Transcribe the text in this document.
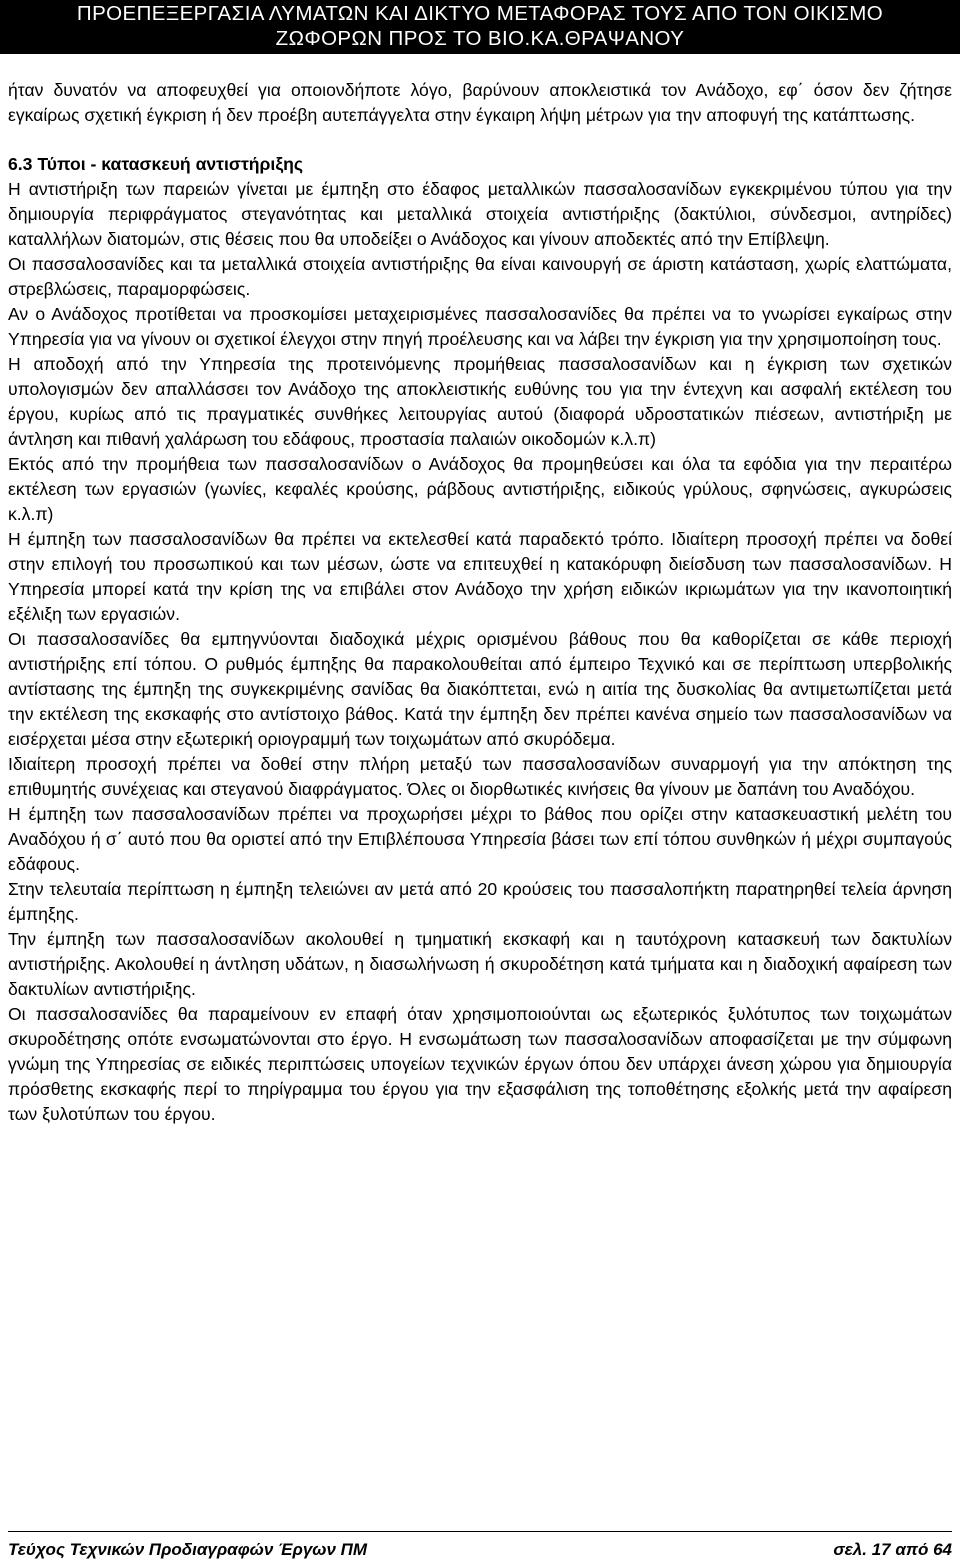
ΠΡΟΕΠΕΞΕΡΓΑΣΙΑ ΛΥΜΑΤΩΝ ΚΑΙ ΔΙΚΤΥΟ ΜΕΤΑΦΟΡΑΣ ΤΟΥΣ ΑΠΟ ΤΟΝ ΟΙΚΙΣΜΟ
ΖΩΦΟΡΩΝ ΠΡΟΣ ΤΟ ΒΙΟ.ΚΑ.ΘΡΑΨΑΝΟΥ

ήταν δυνατόν να αποφευχθεί για οποιονδήποτε λόγο, βαρύνουν αποκλειστικά τον Ανάδοχο, εφ΄ όσον δεν ζήτησε εγκαίρως σχετική έγκριση ή δεν προέβη αυτεπάγγελτα στην έγκαιρη λήψη μέτρων για την αποφυγή της κατάπτωσης.

6.3 Τύποι - κατασκευή αντιστήριξης

Η αντιστήριξη των παρειών γίνεται με έμπηξη στο έδαφος μεταλλικών πασσαλοσανίδων εγκεκριμένου τύπου για την δημιουργία περιφράγματος στεγανότητας και μεταλλικά στοιχεία αντιστήριξης (δακτύλιοι, σύνδεσμοι, αντηρίδες) καταλλήλων διατομών, στις θέσεις που θα υποδείξει ο Ανάδοχος και γίνουν αποδεκτές από την Επίβλεψη.

Οι πασσαλοσανίδες και τα μεταλλικά στοιχεία αντιστήριξης θα είναι καινουργή σε άριστη κατάσταση, χωρίς ελαττώματα, στρεβλώσεις, παραμορφώσεις.

Αν ο Ανάδοχος προτίθεται να προσκομίσει μεταχειρισμένες πασσαλοσανίδες θα πρέπει να το γνωρίσει εγκαίρως στην Υπηρεσία για να γίνουν οι σχετικοί έλεγχοι στην πηγή προέλευσης και να λάβει την έγκριση για την χρησιμοποίηση τους.

Η αποδοχή από την Υπηρεσία της προτεινόμενης προμήθειας πασσαλοσανίδων και η έγκριση των σχετικών υπολογισμών δεν απαλλάσσει τον Ανάδοχο της αποκλειστικής ευθύνης του για την έντεχνη και ασφαλή εκτέλεση του έργου, κυρίως από τις πραγματικές συνθήκες λειτουργίας αυτού (διαφορά υδροστατικών πιέσεων, αντιστήριξη με άντληση και πιθανή χαλάρωση του εδάφους, προστασία παλαιών οικοδομών κ.λ.π)

Εκτός από την προμήθεια των πασσαλοσανίδων ο Ανάδοχος θα προμηθεύσει και όλα τα εφόδια για την περαιτέρω εκτέλεση των εργασιών (γωνίες, κεφαλές κρούσης, ράβδους αντιστήριξης, ειδικούς γρύλους, σφηνώσεις, αγκυρώσεις κ.λ.π)

Η έμπηξη των πασσαλοσανίδων θα πρέπει να εκτελεσθεί κατά παραδεκτό τρόπο. Ιδιαίτερη προσοχή πρέπει να δοθεί στην επιλογή του προσωπικού και των μέσων, ώστε να επιτευχθεί η κατακόρυφη διείσδυση των πασσαλοσανίδων. Η Υπηρεσία μπορεί κατά την κρίση της να επιβάλει στον Ανάδοχο την χρήση ειδικών ικριωμάτων για την ικανοποιητική εξέλιξη των εργασιών.

Οι πασσαλοσανίδες θα εμπηγνύονται διαδοχικά μέχρις ορισμένου βάθους που θα καθορίζεται σε κάθε περιοχή αντιστήριξης επί τόπου. Ο ρυθμός έμπηξης θα παρακολουθείται από έμπειρο Τεχνικό και σε περίπτωση υπερβολικής αντίστασης της έμπηξη της συγκεκριμένης σανίδας θα διακόπτεται, ενώ η αιτία της δυσκολίας θα αντιμετωπίζεται μετά την εκτέλεση της εκσκαφής στο αντίστοιχο βάθος. Κατά την έμπηξη δεν πρέπει κανένα σημείο των πασσαλοσανίδων να εισέρχεται μέσα στην εξωτερική οριογραμμή των τοιχωμάτων από σκυρόδεμα.

Ιδιαίτερη προσοχή πρέπει να δοθεί στην πλήρη μεταξύ των πασσαλοσανίδων συναρμογή για την απόκτηση της επιθυμητής συνέχειας και στεγανού διαφράγματος. Όλες οι διορθωτικές κινήσεις θα γίνουν με δαπάνη του Αναδόχου.

Η έμπηξη των πασσαλοσανίδων πρέπει να προχωρήσει μέχρι το βάθος που ορίζει στην κατασκευαστική μελέτη του Αναδόχου ή σ΄ αυτό που θα οριστεί από την Επιβλέπουσα Υπηρεσία βάσει των επί τόπου συνθηκών ή μέχρι συμπαγούς εδάφους.

Στην τελευταία περίπτωση η έμπηξη τελειώνει αν μετά από 20 κρούσεις του πασσαλοπήκτη παρατηρηθεί τελεία άρνηση έμπηξης.

Την έμπηξη των πασσαλοσανίδων ακολουθεί η τμηματική εκσκαφή και η ταυτόχρονη κατασκευή των δακτυλίων αντιστήριξης. Ακολουθεί η άντληση υδάτων, η διασωλήνωση ή σκυροδέτηση κατά τμήματα και η διαδοχική αφαίρεση των δακτυλίων αντιστήριξης.

Οι πασσαλοσανίδες θα παραμείνουν εν επαφή όταν χρησιμοποιούνται ως εξωτερικός ξυλότυπος των τοιχωμάτων σκυροδέτησης οπότε ενσωματώνονται στο έργο. Η ενσωμάτωση των πασσαλοσανίδων αποφασίζεται με την σύμφωνη γνώμη της Υπηρεσίας σε ειδικές περιπτώσεις υπογείων τεχνικών έργων όπου δεν υπάρχει άνεση χώρου για δημιουργία πρόσθετης εκσκαφής περί το πηρίγραμμα του έργου για την εξασφάλιση της τοποθέτησης εξολκής μετά την αφαίρεση των ξυλοτύπων του έργου.

Τεύχος Τεχνικών Προδιαγραφών Έργων ΠΜ	σελ. 17 από 64
